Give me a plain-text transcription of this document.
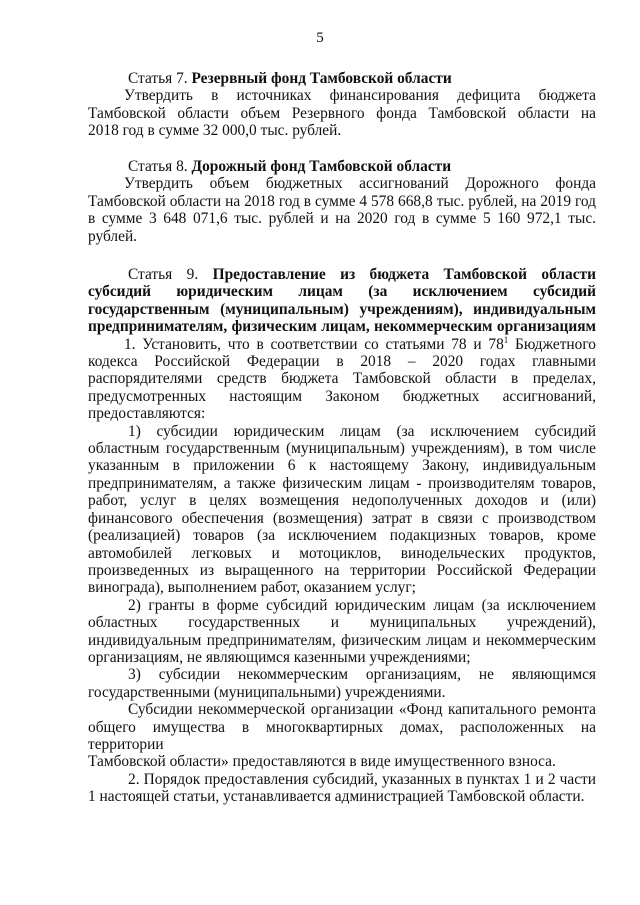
5

Статья 7. Резервный фонд Тамбовской области

Утвердить в источниках финансирования дефицита бюджета

Тамбовской области объем Резервного фонда Тамбовской области на

2018 год в сумме 32 000,0 тыс. рублей.

Статья 8. Дорожный фонд Тамбовской области

Утвердить объем бюджетных ассигнований Дорожного фонда

Тамбовской области на 2018 год в сумме 4 578 668,8 тыс. рублей, на 2019 год

в сумме 3 648 071,6 тыс. рублей и на 2020 год в сумме 5 160 972,1 тыс.

рублей.

Статья 9. Предоставление из бюджета Тамбовской области

субсидий юридическим лицам (за исключением субсидий

государственным (муниципальным) учреждениям), индивидуальным

предпринимателям, физическим лицам, некоммерческим организациям

1. Установить, что в соответствии со статьями 78 и $78^1$ Бюджетного

кодекса Российской Федерации в 2018 – 2020 годах главными

распорядителями средств бюджета Тамбовской области в пределах,

предусмотренных настоящим Законом бюджетных ассигнований,

предоставляются:

1) субсидии юридическим лицам (за исключением субсидий

областным государственным (муниципальным) учреждениям), в том числе

указанным в приложении 6 к настоящему Закону, индивидуальным

предпринимателям, а также физическим лицам - производителям товаров,

работ, услуг в целях возмещения недополученных доходов и (или)

финансового обеспечения (возмещения) затрат в связи с производством

(реализацией) товаров (за исключением подакцизных товаров, кроме

автомобилей легковых и мотоциклов, винодельческих продуктов,

произведенных из выращенного на территории Российской Федерации

винограда), выполнением работ, оказанием услуг;

2) гранты в форме субсидий юридическим лицам (за исключением

областных государственных и муниципальных учреждений),

индивидуальным предпринимателям, физическим лицам и некоммерческим

организациям, не являющимся казенными учреждениями;

3) субсидии некоммерческим организациям, не являющимся

государственными (муниципальными) учреждениями.

Субсидии некоммерческой организации «Фонд капитального ремонта

общего имущества в многоквартирных домах, расположенных на территории

Тамбовской области» предоставляются в виде имущественного взноса.

2. Порядок предоставления субсидий, указанных в пунктах 1 и 2 части

1 настоящей статьи, устанавливается администрацией Тамбовской области.
